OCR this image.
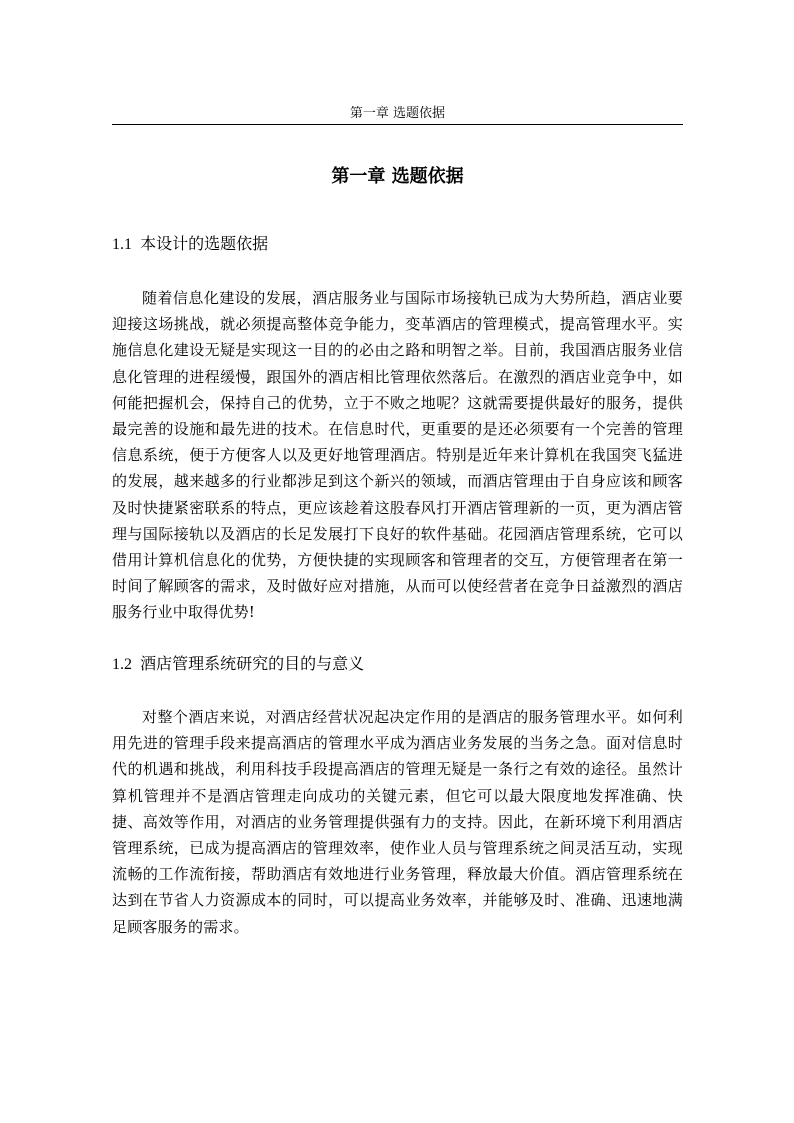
第一章 选题依据
第一章 选题依据
1.1 本设计的选题依据

随着信息化建设的发展，酒店服务业与国际市场接轨已成为大势所趋，酒店业要迎接这场挑战，就必须提高整体竞争能力，变革酒店的管理模式，提高管理水平。实施信息化建设无疑是实现这一目的的必由之路和明智之举。目前，我国酒店服务业信息化管理的进程缓慢，跟国外的酒店相比管理依然落后。在激烈的酒店业竞争中，如何能把握机会，保持自己的优势，立于不败之地呢？这就需要提供最好的服务，提供最完善的设施和最先进的技术。在信息时代，更重要的是还必须要有一个完善的管理信息系统，便于方便客人以及更好地管理酒店。特别是近年来计算机在我国突飞猛进的发展，越来越多的行业都涉足到这个新兴的领域，而酒店管理由于自身应该和顾客及时快捷紧密联系的特点，更应该趁着这股春风打开酒店管理新的一页，更为酒店管理与国际接轨以及酒店的长足发展打下良好的软件基础。花园酒店管理系统，它可以借用计算机信息化的优势，方便快捷的实现顾客和管理者的交互，方便管理者在第一时间了解顾客的需求，及时做好应对措施，从而可以使经营者在竞争日益激烈的酒店服务行业中取得优势!

1.2 酒店管理系统研究的目的与意义

对整个酒店来说，对酒店经营状况起决定作用的是酒店的服务管理水平。如何利用先进的管理手段来提高酒店的管理水平成为酒店业务发展的当务之急。面对信息时代的机遇和挑战，利用科技手段提高酒店的管理无疑是一条行之有效的途径。虽然计算机管理并不是酒店管理走向成功的关键元素，但它可以最大限度地发挥准确、快捷、高效等作用，对酒店的业务管理提供强有力的支持。因此，在新环境下利用酒店管理系统，已成为提高酒店的管理效率，使作业人员与管理系统之间灵活互动，实现流畅的工作流衔接，帮助酒店有效地进行业务管理，释放最大价值。酒店管理系统在达到在节省人力资源成本的同时，可以提高业务效率，并能够及时、准确、迅速地满足顾客服务的需求。
